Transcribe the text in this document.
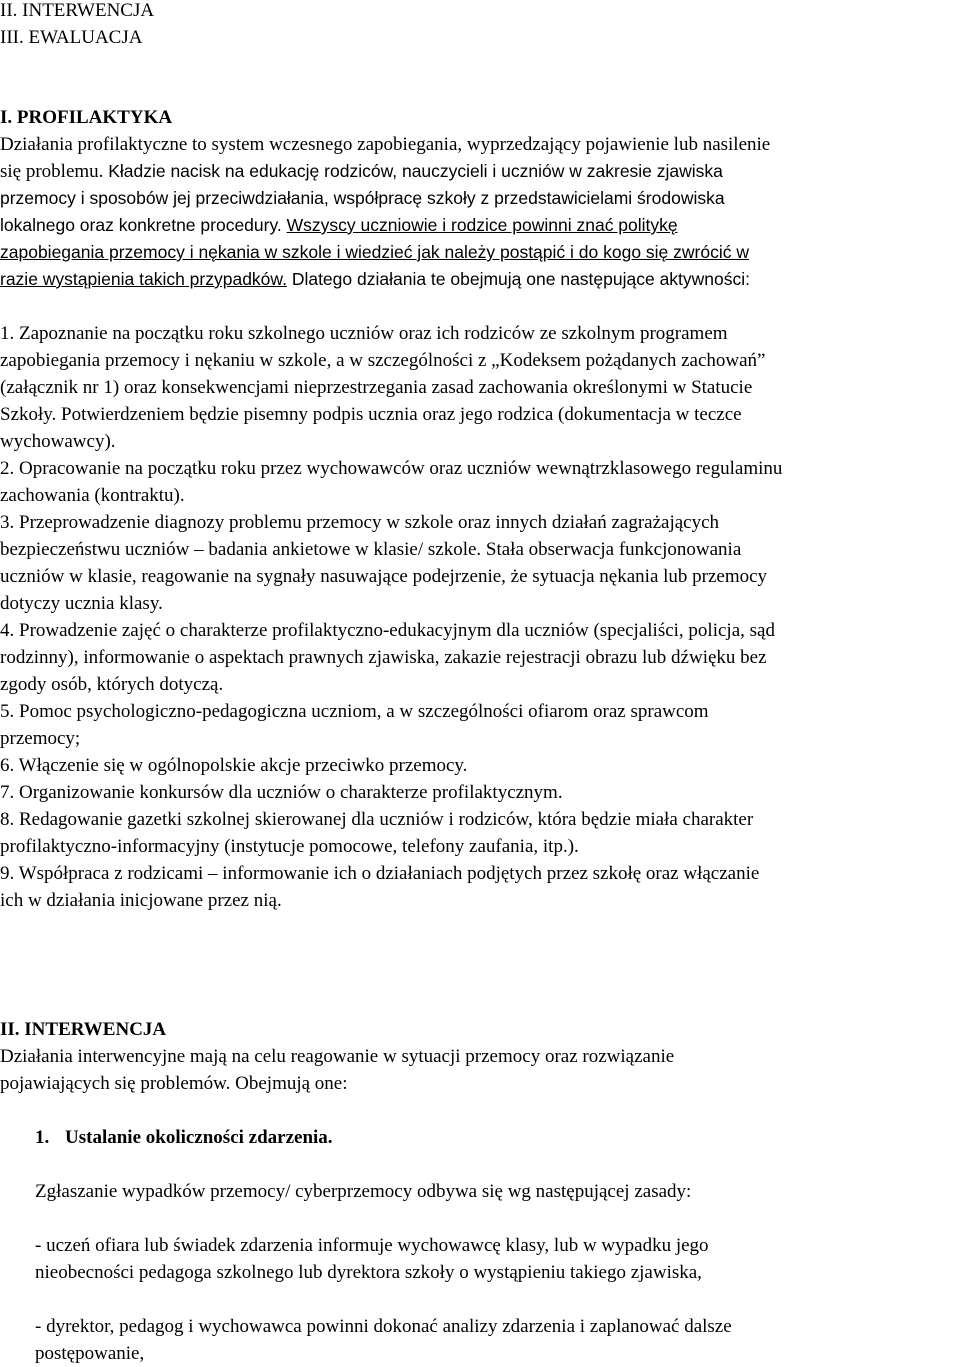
II. INTERWENCJA
III. EWALUACJA
I. PROFILAKTYKA
Działania profilaktyczne to system wczesnego zapobiegania, wyprzedzający pojawienie lub nasilenie
się problemu. Kładzie nacisk na edukację rodziców, nauczycieli i uczniów w zakresie zjawiska
przemocy i sposobów jej przeciwdziałania, współpracę szkoły z przedstawicielami środowiska
lokalnego oraz konkretne procedury. Wszyscy uczniowie i rodzice powinni znać politykę
zapobiegania przemocy i nękania w szkole i wiedzieć jak należy postąpić i do kogo się zwrócić w
razie wystąpienia takich przypadków. Dlatego działania te obejmują one następujące aktywności:
1. Zapoznanie na początku roku szkolnego uczniów oraz ich rodziców ze szkolnym programem
zapobiegania przemocy i nękaniu w szkole, a w szczególności z „Kodeksem pożądanych zachowań”
(załącznik nr 1) oraz konsekwencjami nieprzestrzegania zasad zachowania określonymi w Statucie
Szkoły. Potwierdzeniem będzie pisemny podpis ucznia oraz jego rodzica (dokumentacja w teczce
wychowawcy).
2. Opracowanie na początku roku przez wychowawców oraz uczniów wewnątrzklasowego regulaminu
zachowania (kontraktu).
3. Przeprowadzenie diagnozy problemu przemocy w szkole oraz innych działań zagrażających
bezpieczeństwu uczniów – badania ankietowe w klasie/ szkole. Stała obserwacja funkcjonowania
uczniów w klasie, reagowanie na sygnały nasuwające podejrzenie, że sytuacja nękania lub przemocy
dotyczy ucznia klasy.
4. Prowadzenie zajęć o charakterze profilaktyczno-edukacyjnym dla uczniów (specjaliści, policja, sąd
rodzinny), informowanie o aspektach prawnych zjawiska, zakazie rejestracji obrazu lub dźwięku bez
zgody osób, których dotyczą.
5. Pomoc psychologiczno-pedagogiczna uczniom, a w szczególności ofiarom oraz sprawcom
przemocy;
6. Włączenie się w ogólnopolskie akcje przeciwko przemocy.
7. Organizowanie konkursów dla uczniów o charakterze profilaktycznym.
8. Redagowanie gazetki szkolnej skierowanej dla uczniów i rodziców, która będzie miała charakter
profilaktyczno-informacyjny (instytucje pomocowe, telefony zaufania, itp.).
9. Współpraca z rodzicami – informowanie ich o działaniach podjętych przez szkołę oraz włączanie
ich w działania inicjowane przez nią.
II. INTERWENCJA
Działania interwencyjne mają na celu reagowanie w sytuacji przemocy oraz rozwiązanie
pojawiających się problemów. Obejmują one:
1. Ustalanie okoliczności zdarzenia.
Zgłaszanie wypadków przemocy/ cyberprzemocy odbywa się wg następującej zasady:
- uczeń ofiara lub świadek zdarzenia informuje wychowawcę klasy, lub w wypadku jego
nieobecności pedagoga szkolnego lub dyrektora szkoły o wystąpieniu takiego zjawiska,
- dyrektor, pedagog i wychowawca powinni dokonać analizy zdarzenia i zaplanować dalsze
postępowanie,
